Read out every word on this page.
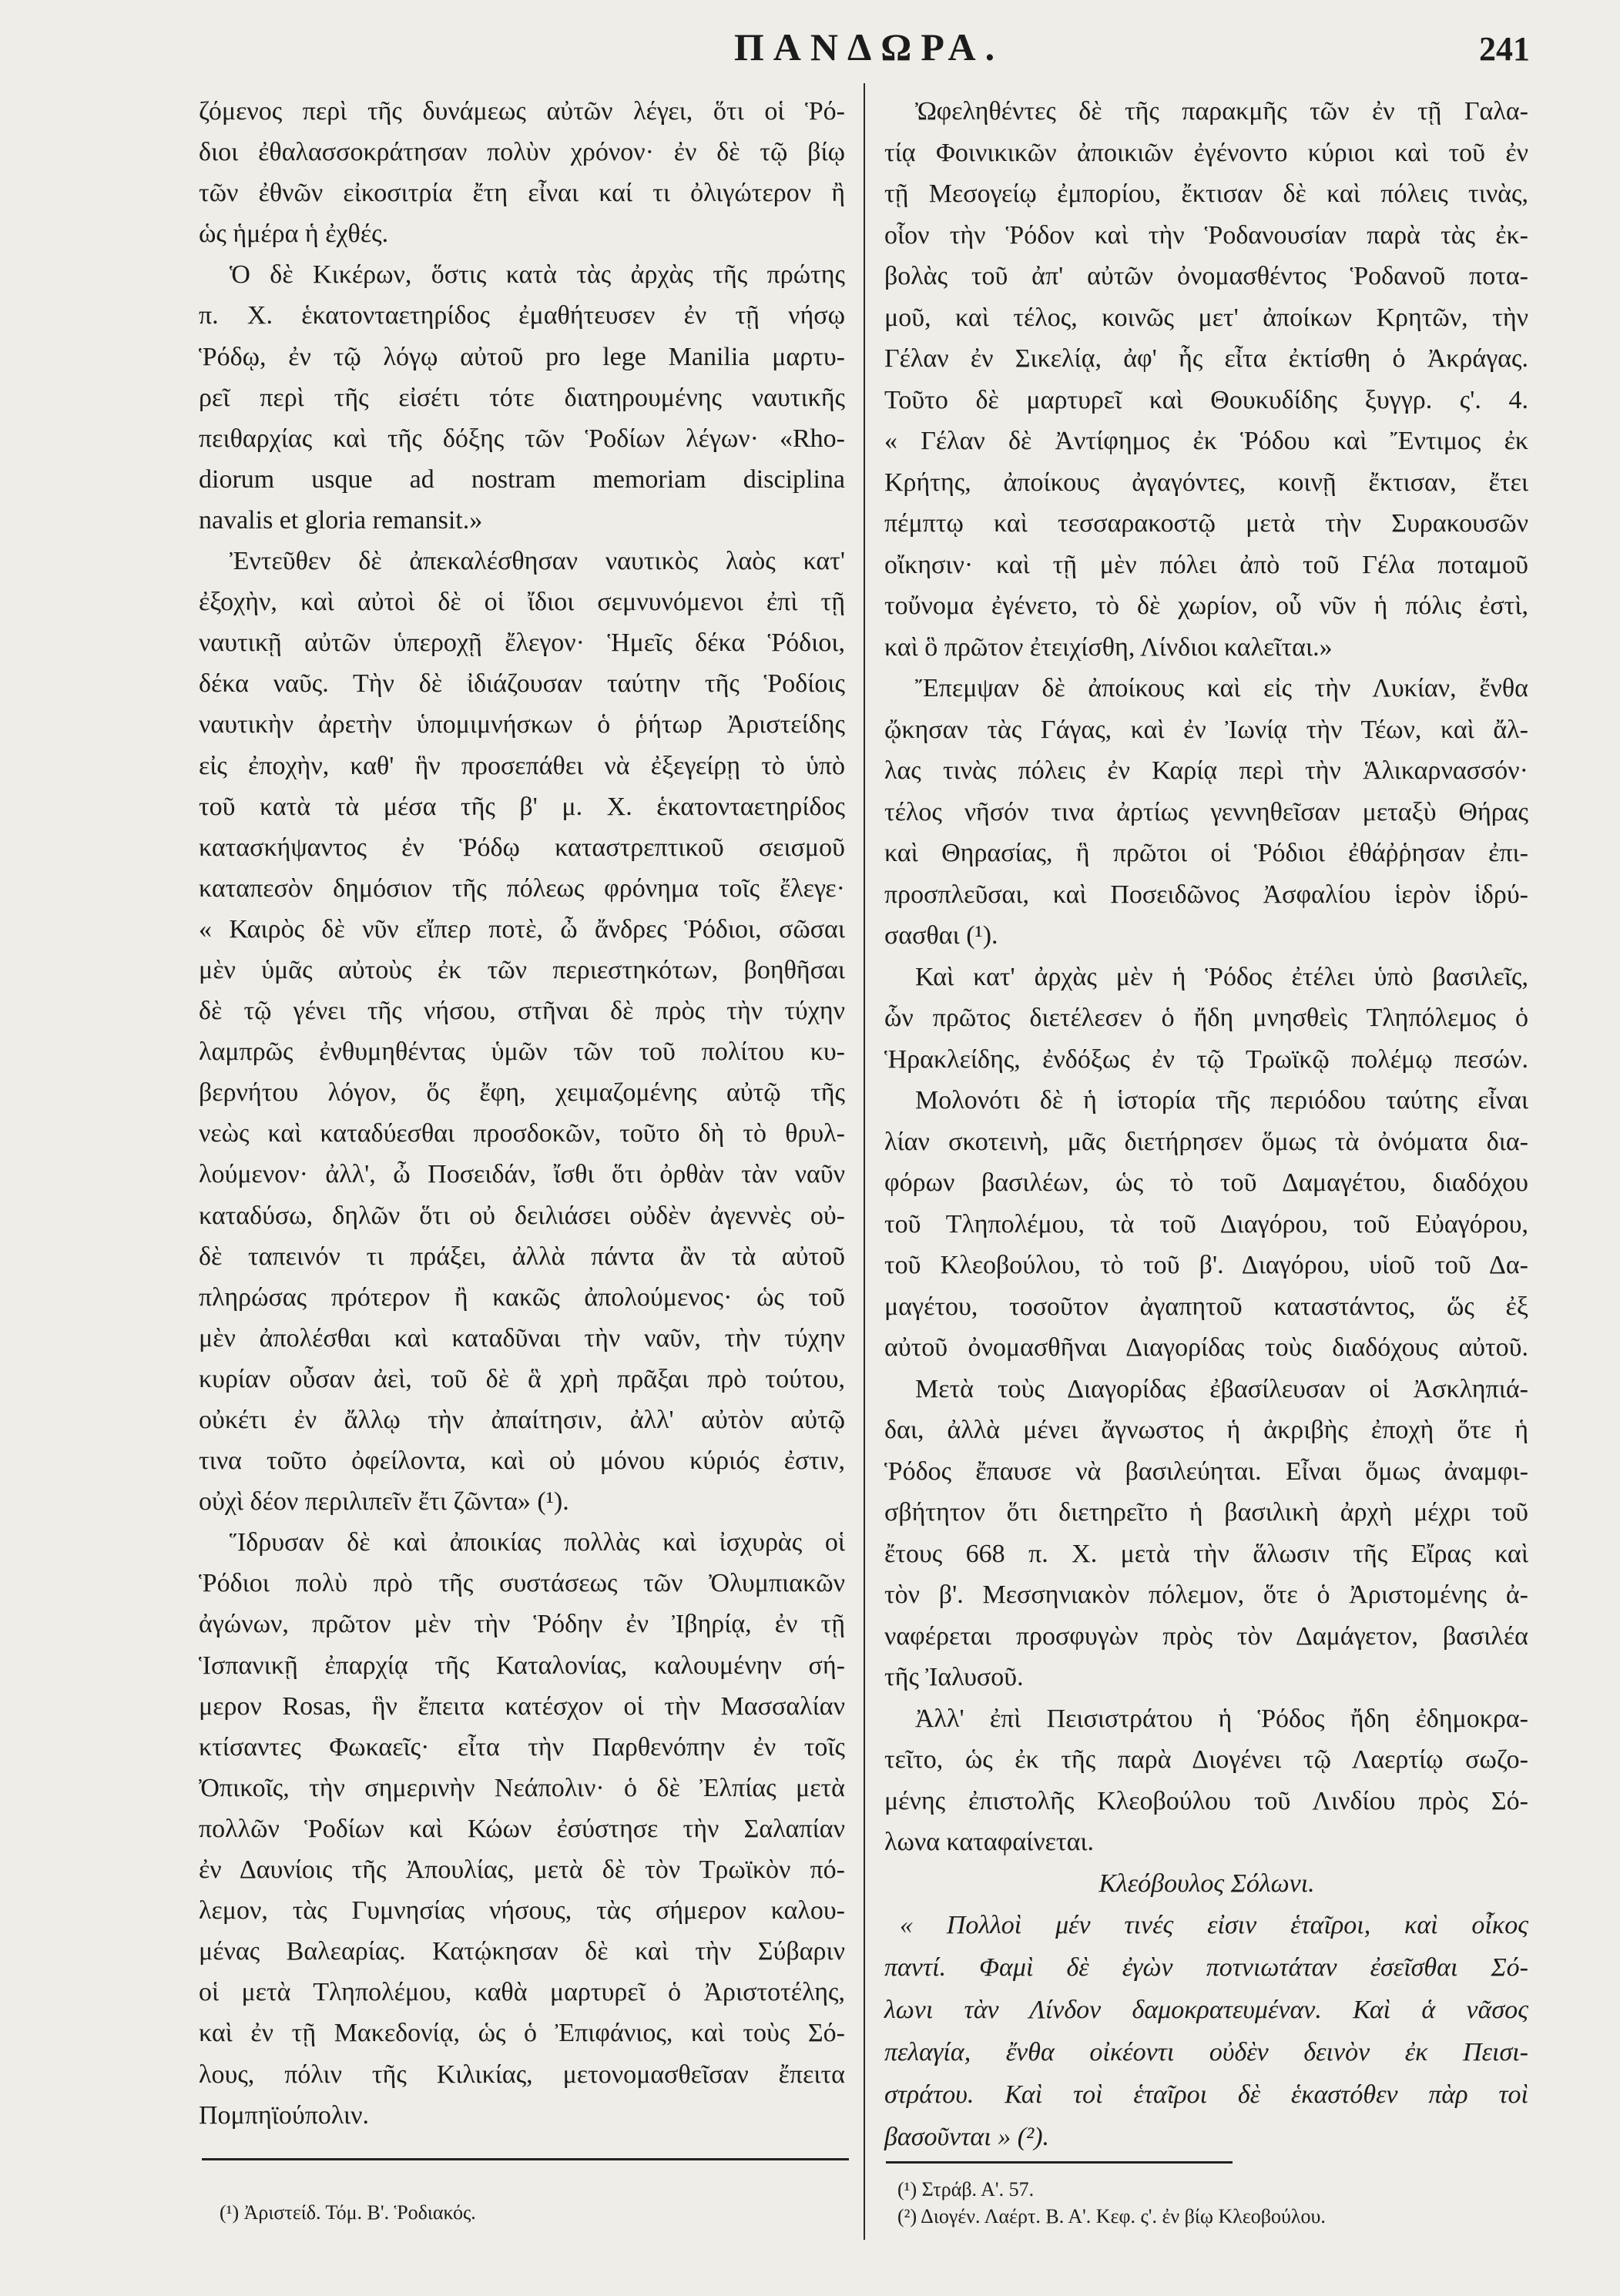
ΠΑΝΔΩΡΑ.	241
ζόμενος περὶ τῆς δυνάμεως αὐτῶν λέγει, ὅτι οἱ Ῥό-
διοι ἐθαλασσοκράτησαν πολὺν χρόνον· ἐν δὲ τῷ βίῳ
τῶν ἐθνῶν εἰκοσιτρία ἔτη εἶναι καί τι ὀλιγώτερον ἢ
ὡς ἡμέρα ἡ ἐχθές.
Ὁ δὲ Κικέρων, ὅστις κατὰ τὰς ἀρχὰς τῆς πρώτης
π. Χ. ἑκατονταετηρίδος ἐμαθήτευσεν ἐν τῇ νήσῳ
Ῥόδῳ, ἐν τῷ λόγῳ αὐτοῦ pro lege Manilia μαρτυ-
ρεῖ περὶ τῆς εἰσέτι τότε διατηρουμένης ναυτικῆς
πειθαρχίας καὶ τῆς δόξης τῶν Ῥοδίων λέγων· «Rho-
diorum usque ad nostram memoriam disciplina
navalis et gloria remansit.»
Ἐντεῦθεν δὲ ἀπεκαλέσθησαν ναυτικὸς λαὸς κατ'
ἐξοχὴν, καὶ αὐτοὶ δὲ οἱ ἴδιοι σεμνυνόμενοι ἐπὶ τῇ
ναυτικῇ αὐτῶν ὑπεροχῇ ἔλεγον· Ἡμεῖς δέκα Ῥόδιοι,
δέκα ναῦς. Τὴν δὲ ἰδιάζουσαν ταύτην τῆς Ῥοδίοις
ναυτικὴν ἀρετὴν ὑπομιμνήσκων ὁ ῥήτωρ Ἀριστείδης
εἰς ἐποχὴν, καθ' ἣν προσεπάθει νὰ ἐξεγείρῃ τὸ ὑπὸ
τοῦ κατὰ τὰ μέσα τῆς β' μ. Χ. ἑκατονταετηρίδος
κατασκήψαντος ἐν Ῥόδῳ καταστρεπτικοῦ σεισμοῦ
καταπεσὸν δημόσιον τῆς πόλεως φρόνημα τοῖς ἔλεγε·
« Καιρὸς δὲ νῦν εἴπερ ποτὲ, ὦ ἄνδρες Ῥόδιοι, σῶσαι
μὲν ὑμᾶς αὐτοὺς ἐκ τῶν περιεστηκότων, βοηθῆσαι
δὲ τῷ γένει τῆς νήσου, στῆναι δὲ πρὸς τὴν τύχην
λαμπρῶς ἐνθυμηθέντας ὑμῶν τῶν τοῦ πολίτου κυ-
βερνήτου λόγον, ὅς ἔφη, χειμαζομένης αὐτῷ τῆς
νεὼς καὶ καταδύεσθαι προσδοκῶν, τοῦτο δὴ τὸ θρυλ-
λούμενον· ἀλλ', ὦ Ποσειδάν, ἴσθι ὅτι ὀρθὰν τὰν ναῦν
καταδύσω, δηλῶν ὅτι οὐ δειλιάσει οὐδὲν ἀγεννὲς οὐ-
δὲ ταπεινόν τι πράξει, ἀλλὰ πάντα ἂν τὰ αὐτοῦ
πληρώσας πρότερον ἢ κακῶς ἀπολούμενος· ὡς τοῦ
μὲν ἀπολέσθαι καὶ καταδῦναι τὴν ναῦν, τὴν τύχην
κυρίαν οὖσαν ἀεὶ, τοῦ δὲ ἃ χρὴ πρᾶξαι πρὸ τούτου,
οὐκέτι ἐν ἄλλῳ τὴν ἀπαίτησιν, ἀλλ' αὐτὸν αὐτῷ
τινα τοῦτο ὀφείλοντα, καὶ οὐ μόνου κύριός ἐστιν,
οὐχὶ δέον περιλιπεῖν ἔτι ζῶντα» (¹).
Ἵδρυσαν δὲ καὶ ἀποικίας πολλὰς καὶ ἰσχυρὰς οἱ
Ῥόδιοι πολὺ πρὸ τῆς συστάσεως τῶν Ὀλυμπιακῶν
ἀγώνων, πρῶτον μὲν τὴν Ῥόδην ἐν Ἰβηρίᾳ, ἐν τῇ
Ἱσπανικῇ ἐπαρχίᾳ τῆς Καταλονίας, καλουμένην σή-
μερον Rosas, ἣν ἔπειτα κατέσχον οἱ τὴν Μασσαλίαν
κτίσαντες Φωκαεῖς· εἶτα τὴν Παρθενόπην ἐν τοῖς
Ὀπικοῖς, τὴν σημερινὴν Νεάπολιν· ὁ δὲ Ἐλπίας μετὰ
πολλῶν Ῥοδίων καὶ Κώων ἐσύστησε τὴν Σαλαπίαν
ἐν Δαυνίοις τῆς Ἀπουλίας, μετὰ δὲ τὸν Τρωϊκὸν πό-
λεμον, τὰς Γυμνησίας νήσους, τὰς σήμερον καλου-
μένας Βαλεαρίας. Κατῴκησαν δὲ καὶ τὴν Σύβαριν
οἱ μετὰ Τληπολέμου, καθὰ μαρτυρεῖ ὁ Ἀριστοτέλης,
καὶ ἐν τῇ Μακεδονίᾳ, ὡς ὁ Ἐπιφάνιος, καὶ τοὺς Σό-
λους, πόλιν τῆς Κιλικίας, μετονομασθεῖσαν ἔπειτα
Πομπηϊούπολιν.
Ὠφεληθέντες δὲ τῆς παρακμῆς τῶν ἐν τῇ Γαλα-
τίᾳ Φοινικικῶν ἀποικιῶν ἐγένοντο κύριοι καὶ τοῦ ἐν
τῇ Μεσογείῳ ἐμπορίου, ἔκτισαν δὲ καὶ πόλεις τινὰς,
οἷον τὴν Ῥόδον καὶ τὴν Ῥοδανουσίαν παρὰ τὰς ἐκ-
βολὰς τοῦ ἀπ' αὐτῶν ὀνομασθέντος Ῥοδανοῦ ποτα-
μοῦ, καὶ τέλος, κοινῶς μετ' ἀποίκων Κρητῶν, τὴν
Γέλαν ἐν Σικελίᾳ, ἀφ' ἧς εἶτα ἐκτίσθη ὁ Ἀκράγας.
Τοῦτο δὲ μαρτυρεῖ καὶ Θουκυδίδης ξυγγρ. ς'. 4.
« Γέλαν δὲ Ἀντίφημος ἐκ Ῥόδου καὶ Ἔντιμος ἐκ
Κρήτης, ἀποίκους ἀγαγόντες, κοινῇ ἔκτισαν, ἔτει
πέμπτῳ καὶ τεσσαρακοστῷ μετὰ τὴν Συρακουσῶν
οἴκησιν· καὶ τῇ μὲν πόλει ἀπὸ τοῦ Γέλα ποταμοῦ
τοὔνομα ἐγένετο, τὸ δὲ χωρίον, οὗ νῦν ἡ πόλις ἐστὶ,
καὶ ὃ πρῶτον ἐτειχίσθη, Λίνδιοι καλεῖται.»
Ἔπεμψαν δὲ ἀποίκους καὶ εἰς τὴν Λυκίαν, ἔνθα
ᾤκησαν τὰς Γάγας, καὶ ἐν Ἰωνίᾳ τὴν Τέων, καὶ ἄλ-
λας τινὰς πόλεις ἐν Καρίᾳ περὶ τὴν Ἁλικαρνασσόν·
τέλος νῆσόν τινα ἀρτίως γεννηθεῖσαν μεταξὺ Θήρας
καὶ Θηρασίας, ἣ πρῶτοι οἱ Ῥόδιοι ἐθάῤῥησαν ἐπι-
προσπλεῦσαι, καὶ Ποσειδῶνος Ἀσφαλίου ἱερὸν ἱδρύ-
σασθαι (¹).
Καὶ κατ' ἀρχὰς μὲν ἡ Ῥόδος ἐτέλει ὑπὸ βασιλεῖς,
ὧν πρῶτος διετέλεσεν ὁ ἤδη μνησθεὶς Τληπόλεμος ὁ
Ἡρακλείδης, ἐνδόξως ἐν τῷ Τρωϊκῷ πολέμῳ πεσών.
Μολονότι δὲ ἡ ἱστορία τῆς περιόδου ταύτης εἶναι
λίαν σκοτεινὴ, μᾶς διετήρησεν ὅμως τὰ ὀνόματα δια-
φόρων βασιλέων, ὡς τὸ τοῦ Δαμαγέτου, διαδόχου
τοῦ Τληπολέμου, τὰ τοῦ Διαγόρου, τοῦ Εὐαγόρου,
τοῦ Κλεοβούλου, τὸ τοῦ β'. Διαγόρου, υἱοῦ τοῦ Δα-
μαγέτου, τοσοῦτον ἀγαπητοῦ καταστάντος, ὥς ἐξ
αὐτοῦ ὀνομασθῆναι Διαγορίδας τοὺς διαδόχους αὐτοῦ.
Μετὰ τοὺς Διαγορίδας ἐβασίλευσαν οἱ Ἀσκληπιά-
δαι, ἀλλὰ μένει ἄγνωστος ἡ ἀκριβὴς ἐποχὴ ὅτε ἡ
Ῥόδος ἔπαυσε νὰ βασιλεύηται. Εἶναι ὅμως ἀναμφι-
σβήτητον ὅτι διετηρεῖτο ἡ βασιλικὴ ἀρχὴ μέχρι τοῦ
ἔτους 668 π. Χ. μετὰ τὴν ἅλωσιν τῆς Εἴρας καὶ
τὸν β'. Μεσσηνιακὸν πόλεμον, ὅτε ὁ Ἀριστομένης ἀ-
ναφέρεται προσφυγὼν πρὸς τὸν Δαμάγετον, βασιλέα
τῆς Ἰαλυσοῦ.
Ἀλλ' ἐπὶ Πεισιστράτου ἡ Ῥόδος ἤδη ἐδημοκρα-
τεῖτο, ὡς ἐκ τῆς παρὰ Διογένει τῷ Λαερτίῳ σωζο-
μένης ἐπιστολῆς Κλεοβούλου τοῦ Λινδίου πρὸς Σό-
λωνα καταφαίνεται.
Κλεόβουλος Σόλωνι.
« Πολλοὶ μέν τινές εἰσιν ἑταῖροι, καὶ οἶκος
παντί. Φαμὶ δὲ ἐγὼν ποτνιωτάταν ἐσεῖσθαι Σό-
λωνι τὰν Λίνδον δαμοκρατευμέναν. Καὶ ἁ νᾶσος
πελαγία, ἔνθα οἰκέοντι οὐδὲν δεινὸν ἐκ Πεισι-
στράτου. Καὶ τοὶ ἑταῖροι δὲ ἑκαστόθεν πὰρ τοὶ
βασοῦνται » (²).
(¹) Ἀριστείδ. Τόμ. Β'. Ῥοδιακός.
(¹) Στράβ. Α'. 57.
(²) Διογέν. Λαέρτ. Β. Α'. Κεφ. ς'. ἐν βίῳ Κλεοβούλου.
